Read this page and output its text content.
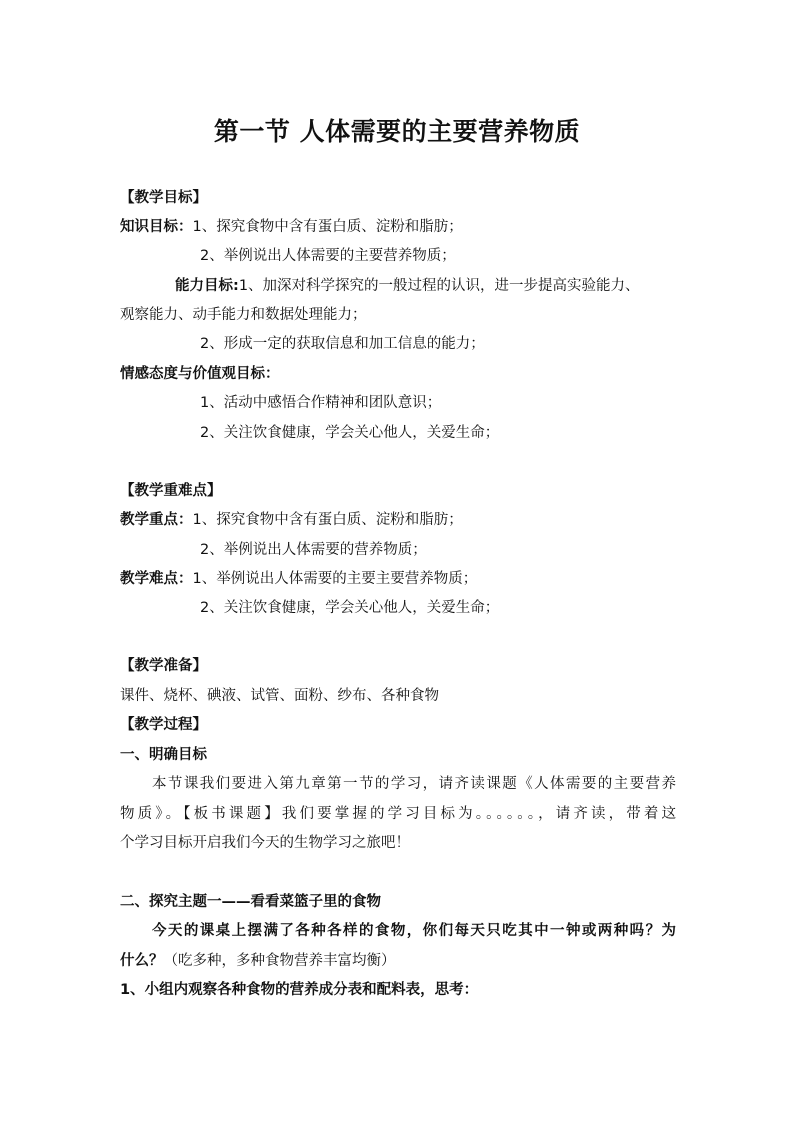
第一节 人体需要的主要营养物质
【教学目标】
知识目标：1、探究食物中含有蛋白质、淀粉和脂肪；
2、举例说出人体需要的主要营养物质；
能力目标:1、加深对科学探究的一般过程的认识，进一步提高实验能力、
观察能力、动手能力和数据处理能力；
2、形成一定的获取信息和加工信息的能力；
情感态度与价值观目标：
1、活动中感悟合作精神和团队意识；
2、关注饮食健康，学会关心他人，关爱生命；
【教学重难点】
教学重点：1、探究食物中含有蛋白质、淀粉和脂肪；
2、举例说出人体需要的营养物质；
教学难点：1、举例说出人体需要的主要主要营养物质；
2、关注饮食健康，学会关心他人，关爱生命；
【教学准备】
课件、烧杯、碘液、试管、面粉、纱布、各种食物
【教学过程】
一、明确目标
本节课我们要进入第九章第一节的学习，请齐读课题《人体需要的主要营养
物质》。【板书课题】我们要掌握的学习目标为。。。。。。，请齐读，带着这
个学习目标开启我们今天的生物学习之旅吧！
二、探究主题一——看看菜篮子里的食物
今天的课桌上摆满了各种各样的食物，你们每天只吃其中一钟或两种吗？为
什么？（吃多种，多种食物营养丰富均衡）
1、小组内观察各种食物的营养成分表和配料表，思考：
